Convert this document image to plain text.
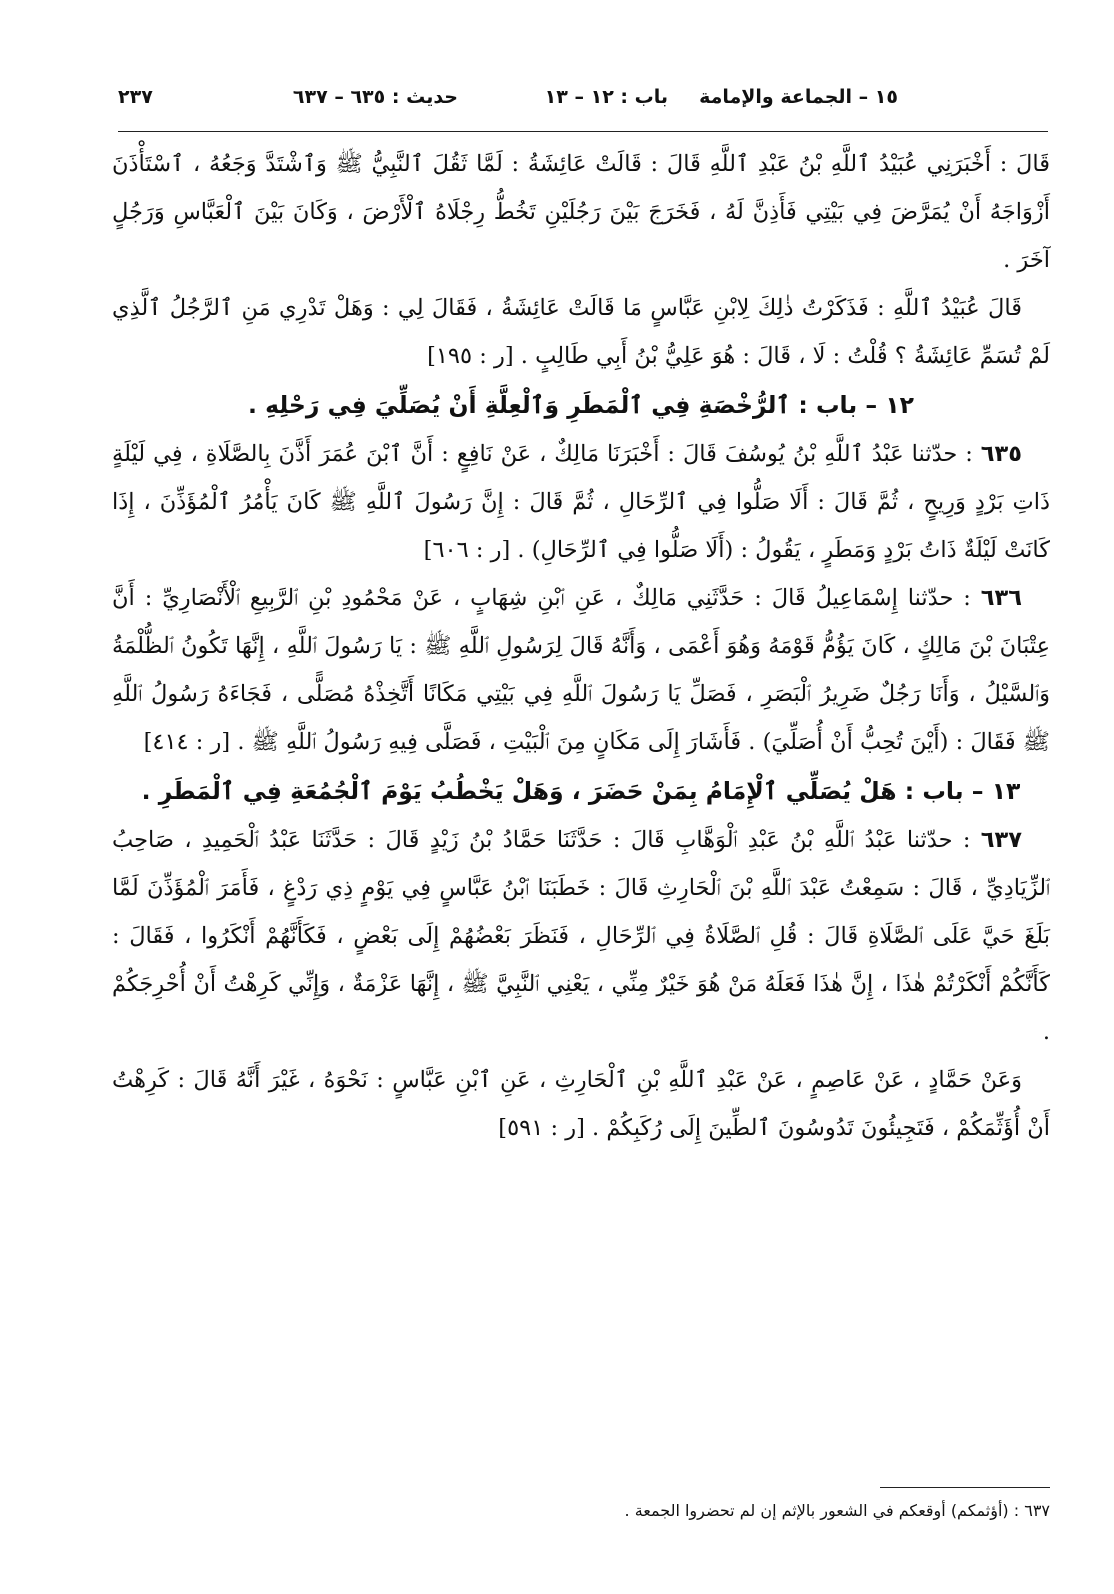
١٥ – الجماعة والإمامة
باب : ١٢ – ١٣
حديث : ٦٣٥ – ٦٣٧
٢٣٧

قَالَ : أَخْبَرَنِي عُبَيْدُ ٱللَّهِ بْنُ عَبْدِ ٱللَّهِ قَالَ : قَالَتْ عَائِشَةُ : لَمَّا ثَقُلَ ٱلنَّبِيُّ ﷺ وَٱشْتَدَّ وَجَعُهُ ، ٱسْتَأْذَنَ أَزْوَاجَهُ أَنْ يُمَرَّضَ فِي بَيْتِي فَأَذِنَّ لَهُ ، فَخَرَجَ بَيْنَ رَجُلَيْنِ تَخُطُّ رِجْلَاهُ ٱلْأَرْضَ ، وَكَانَ بَيْنَ ٱلْعَبَّاسِ وَرَجُلٍ آخَرَ .

قَالَ عُبَيْدُ ٱللَّهِ : فَذَكَرْتُ ذٰلِكَ لِابْنِ عَبَّاسٍ مَا قَالَتْ عَائِشَةُ ، فَقَالَ لِي : وَهَلْ تَدْرِي مَنِ ٱلرَّجُلُ ٱلَّذِي لَمْ تُسَمِّ عَائِشَةُ ؟ قُلْتُ : لَا ، قَالَ : هُوَ عَلِيُّ بْنُ أَبِي طَالِبٍ . [ر : ١٩٥]

١٢ – باب : ٱلرُّخْصَةِ فِي ٱلْمَطَرِ وَٱلْعِلَّةِ أَنْ يُصَلِّيَ فِي رَحْلِهِ .

٦٣٥ : حدّثنا عَبْدُ ٱللَّهِ بْنُ يُوسُفَ قَالَ : أَخْبَرَنَا مَالِكٌ ، عَنْ نَافِعٍ : أَنَّ ٱبْنَ عُمَرَ أَذَّنَ بِالصَّلَاةِ ، فِي لَيْلَةٍ ذَاتِ بَرْدٍ وَرِيحٍ ، ثُمَّ قَالَ : أَلَا صَلُّوا فِي ٱلرِّحَالِ ، ثُمَّ قَالَ : إِنَّ رَسُولَ ٱللَّهِ ﷺ كَانَ يَأْمُرُ ٱلْمُؤَذِّنَ ، إِذَا كَانَتْ لَيْلَةٌ ذَاتُ بَرْدٍ وَمَطَرٍ ، يَقُولُ : (أَلَا صَلُّوا فِي ٱلرِّحَالِ) . [ر : ٦٠٦]

٦٣٦ : حدّثنا إِسْمَاعِيلُ قَالَ : حَدَّثَنِي مَالِكٌ ، عَنِ ٱبْنِ شِهَابٍ ، عَنْ مَحْمُودِ بْنِ ٱلرَّبِيعِ ٱلْأَنْصَارِيِّ : أَنَّ عِتْبَانَ بْنَ مَالِكٍ ، كَانَ يَؤُمُّ قَوْمَهُ وَهُوَ أَعْمَى ، وَأَنَّهُ قَالَ لِرَسُولِ ٱللَّهِ ﷺ : يَا رَسُولَ ٱللَّهِ ، إِنَّهَا تَكُونُ ٱلظُّلْمَةُ وَٱلسَّيْلُ ، وَأَنَا رَجُلٌ ضَرِيرُ ٱلْبَصَرِ ، فَصَلِّ يَا رَسُولَ ٱللَّهِ فِي بَيْتِي مَكَانًا أَتَّخِذْهُ مُصَلًّى ، فَجَاءَهُ رَسُولُ ٱللَّهِ ﷺ فَقَالَ : (أَيْنَ تُحِبُّ أَنْ أُصَلِّيَ) . فَأَشَارَ إِلَى مَكَانٍ مِنَ ٱلْبَيْتِ ، فَصَلَّى فِيهِ رَسُولُ ٱللَّهِ ﷺ . [ر : ٤١٤]

١٣ – باب : هَلْ يُصَلِّي ٱلْإِمَامُ بِمَنْ حَضَرَ ، وَهَلْ يَخْطُبُ يَوْمَ ٱلْجُمُعَةِ فِي ٱلْمَطَرِ .

٦٣٧ : حدّثنا عَبْدُ ٱللَّهِ بْنُ عَبْدِ ٱلْوَهَّابِ قَالَ : حَدَّثَنَا حَمَّادُ بْنُ زَيْدٍ قَالَ : حَدَّثَنَا عَبْدُ ٱلْحَمِيدِ ، صَاحِبُ ٱلزِّيَادِيِّ ، قَالَ : سَمِعْتُ عَبْدَ ٱللَّهِ بْنَ ٱلْحَارِثِ قَالَ : خَطَبَنَا ٱبْنُ عَبَّاسٍ فِي يَوْمٍ ذِي رَدْغٍ ، فَأَمَرَ ٱلْمُؤَذِّنَ لَمَّا بَلَغَ حَيَّ عَلَى ٱلصَّلَاةِ قَالَ : قُلِ ٱلصَّلَاةُ فِي ٱلرِّحَالِ ، فَنَظَرَ بَعْضُهُمْ إِلَى بَعْضٍ ، فَكَأَنَّهُمْ أَنْكَرُوا ، فَقَالَ : كَأَنَّكُمْ أَنْكَرْتُمْ هٰذَا ، إِنَّ هٰذَا فَعَلَهُ مَنْ هُوَ خَيْرٌ مِنِّي ، يَعْنِي ٱلنَّبِيَّ ﷺ ، إِنَّهَا عَزْمَةٌ ، وَإِنِّي كَرِهْتُ أَنْ أُحْرِجَكُمْ .

وَعَنْ حَمَّادٍ ، عَنْ عَاصِمٍ ، عَنْ عَبْدِ ٱللَّهِ بْنِ ٱلْحَارِثِ ، عَنِ ٱبْنِ عَبَّاسٍ : نَحْوَهُ ، غَيْرَ أَنَّهُ قَالَ : كَرِهْتُ أَنْ أُؤَثِّمَكُمْ ، فَتَجِيئُونَ تَدُوسُونَ ٱلطِّينَ إِلَى رُكَبِكُمْ . [ر : ٥٩١]

٦٣٧ : (أؤثمكم) أوقعكم في الشعور بالإثم إن لم تحضروا الجمعة .
